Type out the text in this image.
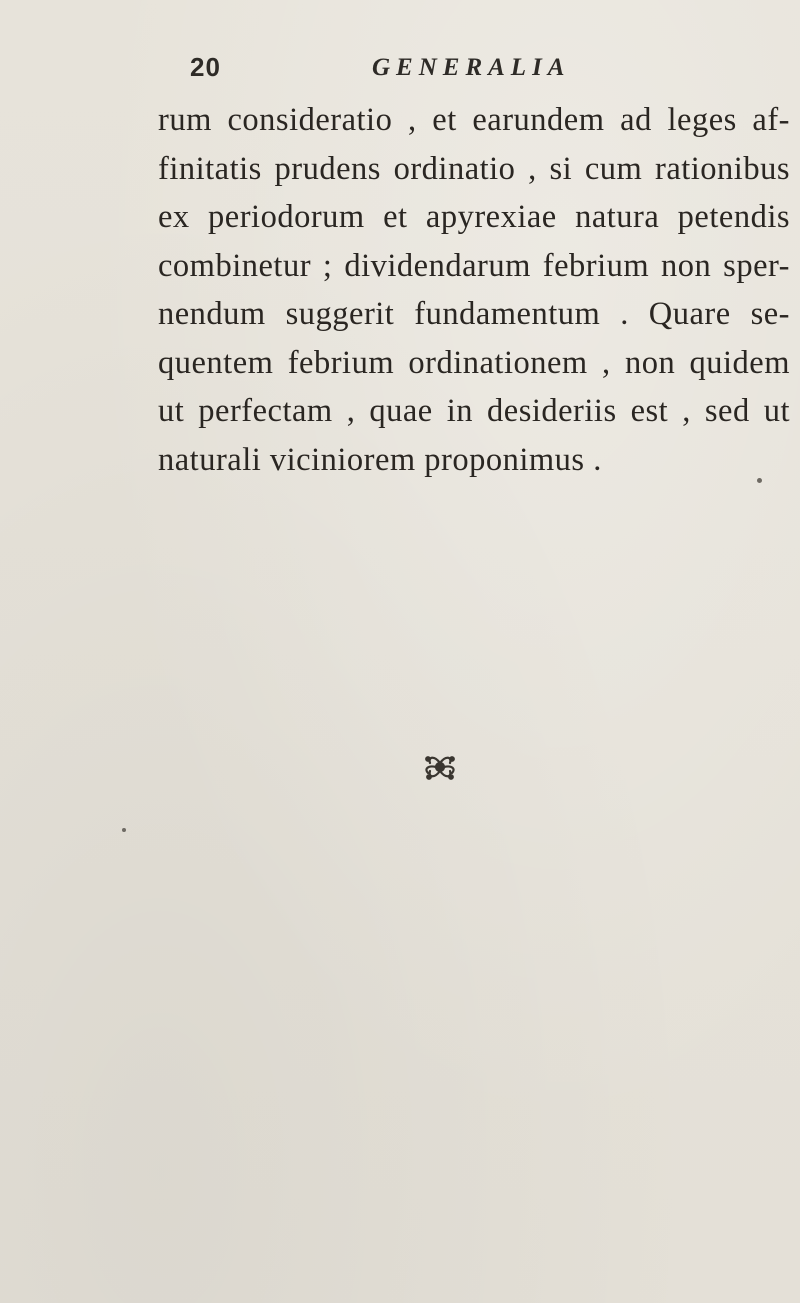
20	GENERALIA
rum consideratio , et earundem ad leges af-
finitatis prudens ordinatio , si cum rationibus
ex periodorum et apyrexiae natura petendis
combinetur ; dividendarum febrium non sper-
nendum suggerit fundamentum . Quare se-
quentem febrium ordinationem , non quidem
ut perfectam , quae in desideriis est , sed ut
naturali viciniorem proponimus .
